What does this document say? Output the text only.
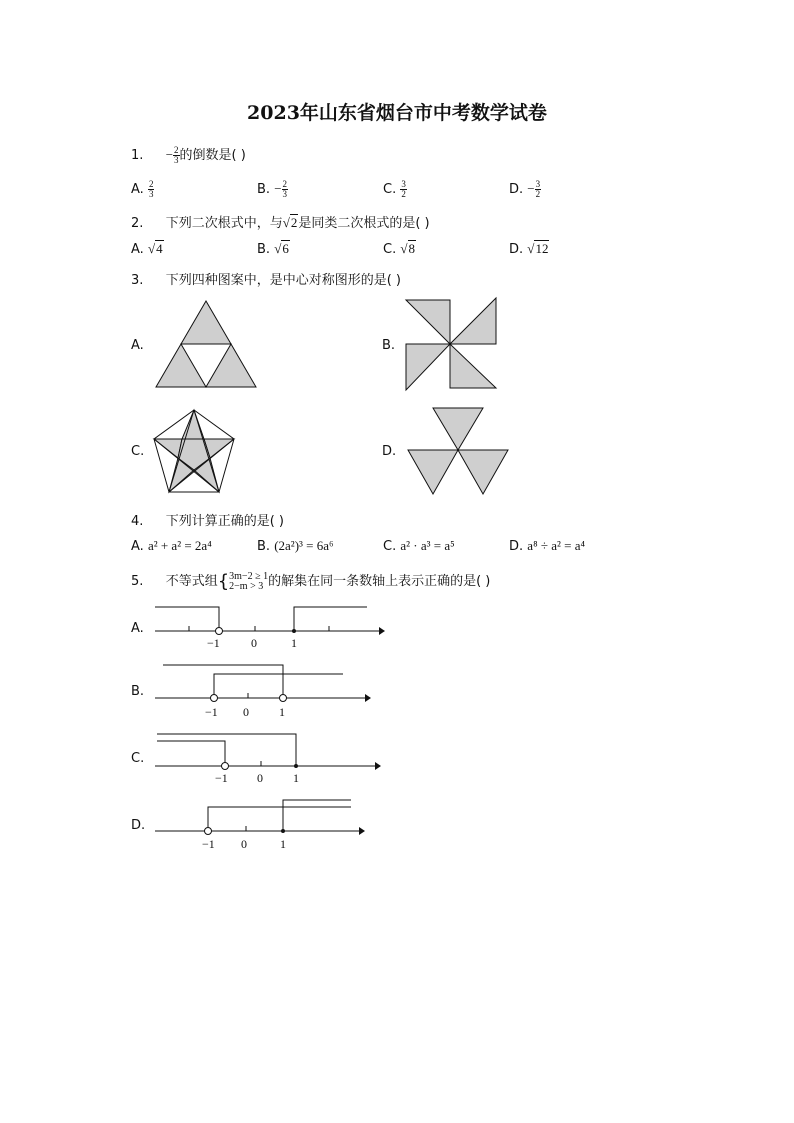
2023年山东省烟台市中考数学试卷
1. − $\frac{2}{3}$ 的倒数是( )
A. $\frac{2}{3}$	B. − $\frac{2}{3}$	C. $\frac{3}{2}$	D. − $\frac{3}{2}$
2. 下列二次根式中，与√2是同类二次根式的是( )
A. √4	B. √6	C. √8	D. √12
3. 下列四种图案中，是中心对称图形的是( )
A.	B.
C.	D.
4. 下列计算正确的是( )
A. a² + a² = 2a⁴	B. (2a²)³ = 6a⁶	C. a² · a³ = a⁵	D. a⁸ ÷ a² = a⁴
5. 不等式组{ 3m−2 ≥ 1
2−m > 3 的解集在同一条数轴上表示正确的是( )
A.
−1	0	1
B.
−1 0	1
C.
−1 0	1
D.
−1 0	1
